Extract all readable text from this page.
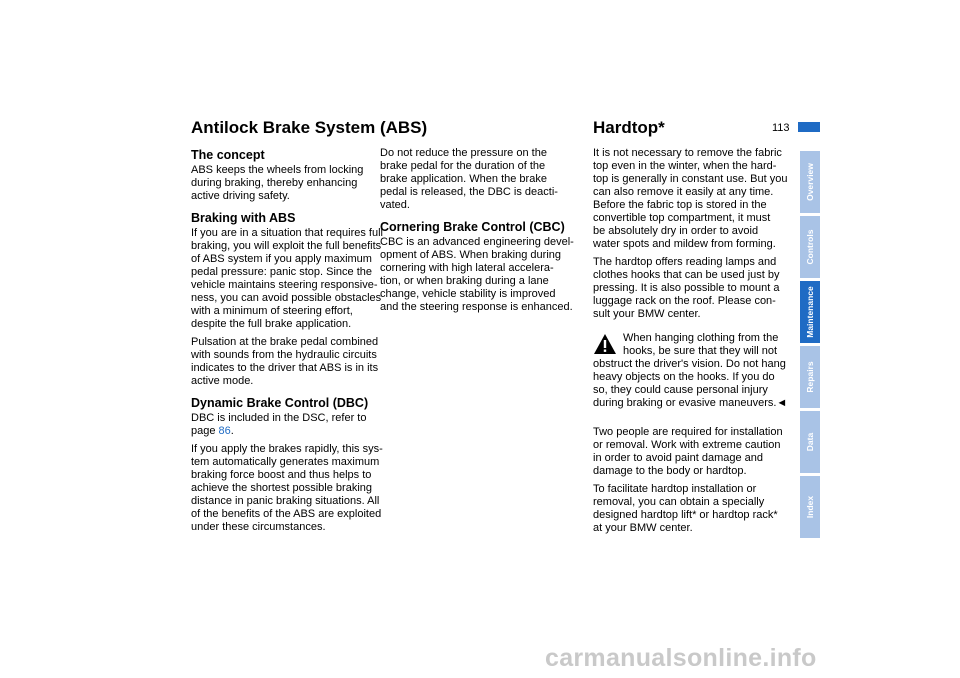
Antilock Brake System (ABS)	Hardtop*	113
The concept

ABS keeps the wheels from locking
during braking, thereby enhancing
active driving safety.

Braking with ABS

If you are in a situation that requires full
braking, you will exploit the full benefits
of ABS system if you apply maximum
pedal pressure: panic stop. Since the
vehicle maintains steering responsive-
ness, you can avoid possible obstacles
with a minimum of steering effort,
despite the full brake application.

Pulsation at the brake pedal combined
with sounds from the hydraulic circuits
indicates to the driver that ABS is in its
active mode.

Dynamic Brake Control (DBC)

DBC is included in the DSC, refer to
page 86.

If you apply the brakes rapidly, this sys-
tem automatically generates maximum
braking force boost and thus helps to
achieve the shortest possible braking
distance in panic braking situations. All
of the benefits of the ABS are exploited
under these circumstances.

Do not reduce the pressure on the
brake pedal for the duration of the
brake application. When the brake
pedal is released, the DBC is deacti-
vated.

Cornering Brake Control (CBC)

CBC is an advanced engineering devel-
opment of ABS. When braking during
cornering with high lateral accelera-
tion, or when braking during a lane
change, vehicle stability is improved
and the steering response is enhanced.

It is not necessary to remove the fabric
top even in the winter, when the hard-
top is generally in constant use. But you
can also remove it easily at any time.
Before the fabric top is stored in the
convertible top compartment, it must
be absolutely dry in order to avoid
water spots and mildew from forming.

The hardtop offers reading lamps and
clothes hooks that can be used just by
pressing. It is also possible to mount a
luggage rack on the roof. Please con-
sult your BMW center.

When hanging clothing from the
hooks, be sure that they will not
obstruct the driver's vision. Do not hang
heavy objects on the hooks. If you do
so, they could cause personal injury
during braking or evasive maneuvers.◄

Two people are required for installation
or removal. Work with extreme caution
in order to avoid paint damage and
damage to the body or hardtop.

To facilitate hardtop installation or
removal, you can obtain a specially
designed hardtop lift* or hardtop rack*
at your BMW center.

Overview
Controls
Maintenance
Repairs
Data
Index
carmanualsonline.info
